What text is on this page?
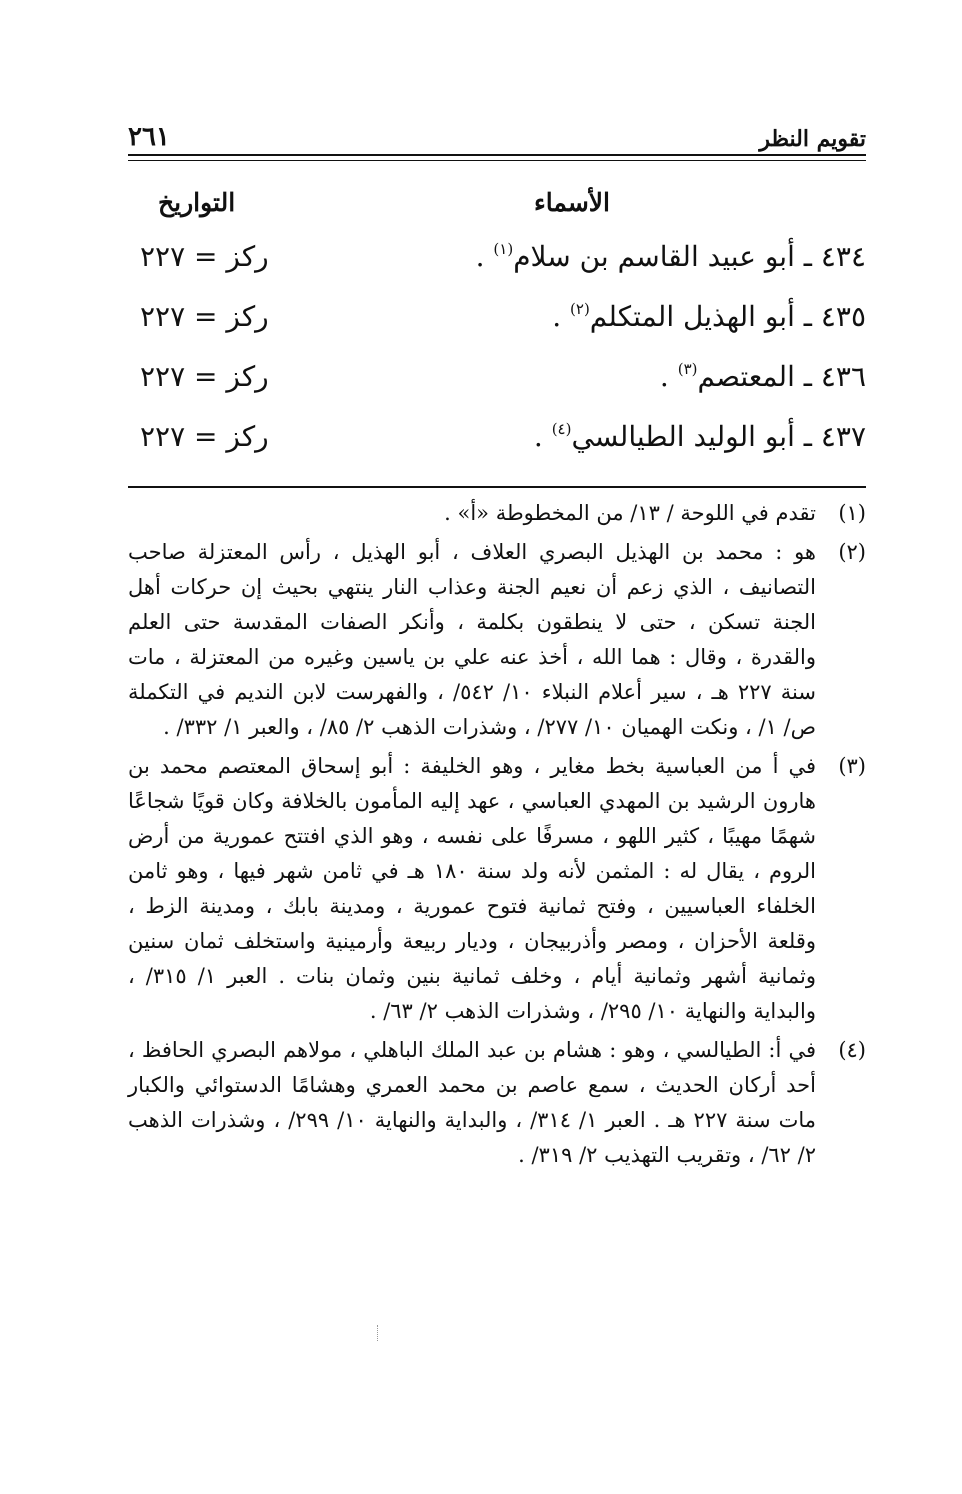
تقويم النظر
٢٦١
الأسماء
التواريخ
٤٣٤ ـ أبو عبيد القاسم بن سلام$^{(١)}$ .
ركز = ٢٢٧
٤٣٥ ـ أبو الهذيل المتكلم$^{(٢)}$ .
ركز = ٢٢٧
٤٣٦ ـ المعتصم$^{(٣)}$ .
ركز = ٢٢٧
٤٣٧ ـ أبو الوليد الطيالسي$^{(٤)}$ .
ركز = ٢٢٧
(١)
تقدم في اللوحة / ١٣/ من المخطوطة «أ» .
(٢)
هو : محمد بن الهذيل البصري العلاف ، أبو الهذيل ، رأس المعتزلة صاحب التصانيف ، الذي زعم أن نعيم الجنة وعذاب النار ينتهي بحيث إن حركات أهل الجنة تسكن ، حتى لا ينطقون بكلمة ، وأنكر الصفات المقدسة حتى العلم والقدرة ، وقال : هما الله ، أخذ عنه علي بن ياسين وغيره من المعتزلة ، مات سنة ٢٢٧ هـ ، سير أعلام النبلاء ١٠/ ٥٤٢/ ، والفهرست لابن النديم في التكملة ص/ ١/ ، ونكت الهميان ١٠/ ٢٧٧/ ، وشذرات الذهب ٢/ ٨٥/ ، والعبر ١/ ٣٣٢/ .
(٣)
في أ من العباسية بخط مغاير ، وهو الخليفة : أبو إسحاق المعتصم محمد بن هارون الرشيد بن المهدي العباسي ، عهد إليه المأمون بالخلافة وكان قويًا شجاعًا شهمًا مهيبًا ، كثير اللهو ، مسرفًا على نفسه ، وهو الذي افتتح عمورية من أرض الروم ، يقال له : المثمن لأنه ولد سنة ١٨٠ هـ في ثامن شهر فيها ، وهو ثامن الخلفاء العباسيين ، وفتح ثمانية فتوح عمورية ، ومدينة بابك ، ومدينة الزط ، وقلعة الأحزان ، ومصر وأذربيجان ، وديار ربيعة وأرمينية واستخلف ثمان سنين وثمانية أشهر وثمانية أيام ، وخلف ثمانية بنين وثمان بنات . العبر ١/ ٣١٥/ ، والبداية والنهاية ١٠/ ٢٩٥/ ، وشذرات الذهب ٢/ ٦٣/ .
(٤)
في أ: الطيالسي ، وهو : هشام بن عبد الملك الباهلي ، مولاهم البصري الحافظ ، أحد أركان الحديث ، سمع عاصم بن محمد العمري وهشامًا الدستوائي والكبار مات سنة ٢٢٧ هـ . العبر ١/ ٣١٤/ ، والبداية والنهاية ١٠/ ٢٩٩/ ، وشذرات الذهب ٢/ ٦٢/ ، وتقريب التهذيب ٢/ ٣١٩/ .
